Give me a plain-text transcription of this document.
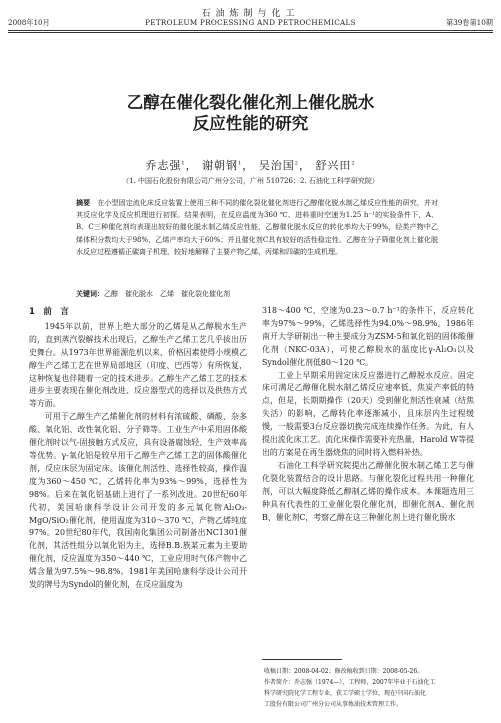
石油炼制与化工
2008年10月	PETROLEUM PROCESSING AND PETROCHEMICALS	第39卷第10期
乙醇在催化裂化催化剂上催化脱水
反应性能的研究
乔志强$^1$， 谢朝钢$^1$， 吴治国$^2$， 舒兴田$^2$
（1. 中国石化股份有限公司广州分公司，广州 510726；2. 石油化工科学研究院）
摘要　 在小型固定流化床反应装置上使用三种不同的催化裂化催化剂进行乙醇催化脱水制乙烯反应性能的研究，并对其反应化学及反应机理进行初探。结果表明，在反应温度为360 ℃、进料重时空速为1.25 h⁻¹的实验条件下，A、B、C三种催化剂均表现出较好的催化脱水制乙烯反应性能，乙醇催化脱水反应的转化率均大于99%，烃类产物中乙烯体积分数均大于98%，乙烯产率均大于60%；并且催化剂C具有较好的活性稳定性。乙醇在分子筛催化剂上催化脱水反应过程遵循正碳离子机理，较好地解释了主要产物乙烯、丙烯和四碳的生成机理。
关键词：乙醇　催化脱水　乙烯　催化裂化催化剂
1　前　言

1945年以前，世界上绝大部分的乙烯是从乙醇脱水生产的，直到蒸汽裂解技术出现后，乙醇生产乙烯工艺几乎拔出历史舞台。从1973年世界能源危机以来，价格因素使得小规模乙醇生产乙烯工艺在世界局部地区（印度、巴西等）有所恢复，这种恢复也伴随着一定的技术进步。乙醇生产乙烯工艺的技术进步主要表现在催化剂改进、反应器型式的选择以及供热方式等方面。

可用于乙醇生产乙烯催化剂的材料有浓硫酸、磷酸、杂多酸、氧化铝、改性氧化铝、分子筛等。工业生产中采用固体酸催化剂时以气-固接触方式反应，具有设备腐蚀轻、生产效率高等优势。γ-氧化铝是较早用于乙醇生产乙烯工艺的固体酸催化剂，反应床层为固定床。该催化剂活性、选择性较高，操作温度为360～450 ℃，乙烯转化率为93%～99%，选择性为98%。后来在氧化铝基础上进行了一系列改进。20世纪60年代初，美国哈康科学设计公司开发的多元氧化物Al₂O₃-MgO/SiO₂催化剂，使用温度为310～370 ℃，产物乙烯纯度97%。20世纪80年代，我国南化集团公司制备出NC1301催化剂，其活性组分以氧化铝为主，选择B.B.族某元素为主要助催化剂，反应温度为350～440 ℃，工业应用时气体产物中乙烯含量为97.5%～98.8%。1981年美国哈康科学设计公司开发的牌号为Syndol的催化剂，在反应温度为

318～400 ℃、空速为0.23～0.7 h⁻¹的条件下，反应转化率为97%～99%，乙烯选择性为94.0%～98.9%。1986年南开大学研制出一种主要成分为ZSM-5和氧化铝的固体酸催化剂（NKC-03A），可使乙醇脱水的温度比γ-Al₂O₃以及Syndol催化剂低80～120 ℃。

工业上早期采用固定床反应器进行乙醇脱水反应。固定床可满足乙醇催化脱水制乙烯反应速率低、焦炭产率低的特点，但是，长期期操作（20天）受到催化剂活性衰减（结焦失活）的影响，乙醇转化率逐渐减小，且床层内生过程缓慢，一般需要3台反应器切换完成连续操作任务。为此，有人提出流化床工艺。流化床操作需要补充热量，Harold W等提出的方案是在再生器烧焦的同时将入燃料补热。

石油化工科学研究院提出乙醇催化脱水制乙烯工艺与催化裂化装置结合的设计思路。与催化裂化过程共用一种催化剂，可以大幅度降低乙醇制乙烯的操作成本。本课题选用三种具有代表性的工业催化裂化催化剂，即催化剂A、催化剂B、催化剂C，考察乙醇在这三种催化剂上进行催化脱水

收稿日期：2008-04-02；修改稿收到日期：2008-05-26。
作者简介：乔志强（1974—），工程师，2007年毕业于石油化工
科学研究院化学工程专业，获工学硕士学位，现在中国石油化
工股份有限公司广州分公司从事炼油技术管理工作。
